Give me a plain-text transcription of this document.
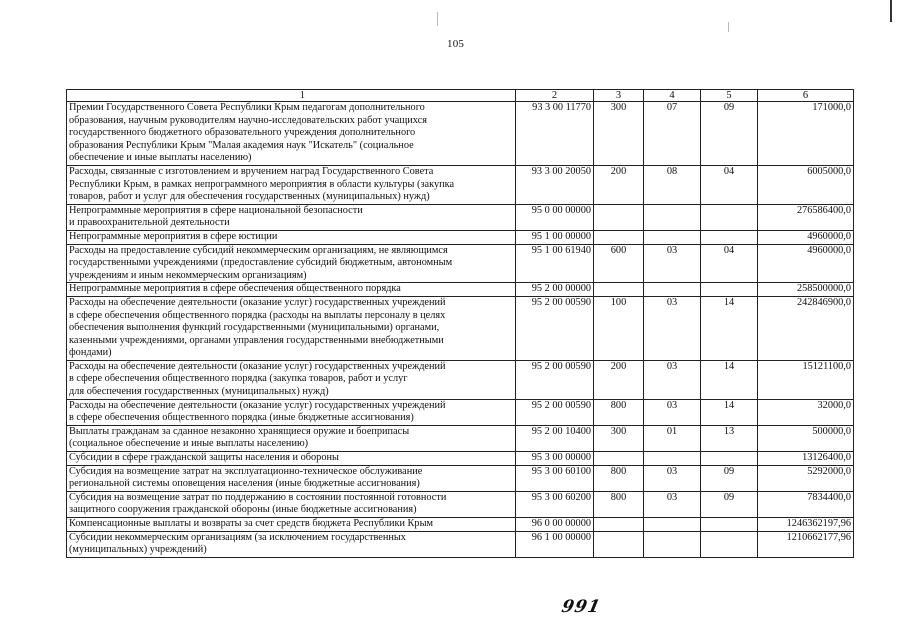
105
1	2	3	4	5	6
Премии Государственного Совета Республики Крым педагогам дополнительного
образования, научным руководителям научно-исследовательских работ учащихся
государственного бюджетного образовательного учреждения дополнительного
образования Республики Крым "Малая академия наук "Искатель" (социальное
обеспечение и иные выплаты населению)	93 3 00 11770	300	07	09	171000,0
Расходы, связанные с изготовлением и вручением наград Государственного Совета
Республики Крым, в рамках непрограммного мероприятия в области культуры (закупка
товаров, работ и услуг для обеспечения государственных (муниципальных) нужд)	93 3 00 20050	200	08	04	6005000,0
Непрограммные мероприятия в сфере национальной безопасности
и правоохранительной деятельности	95 0 00 00000				276586400,0
Непрограммные мероприятия в сфере юстиции	95 1 00 00000				4960000,0
Расходы на предоставление субсидий некоммерческим организациям, не являющимся
государственными учреждениями (предоставление субсидий бюджетным, автономным
учреждениям и иным некоммерческим организациям)	95 1 00 61940	600	03	04	4960000,0
Непрограммные мероприятия в сфере обеспечения общественного порядка	95 2 00 00000				258500000,0
Расходы на обеспечение деятельности (оказание услуг) государственных учреждений
в сфере обеспечения общественного порядка (расходы на выплаты персоналу в целях
обеспечения выполнения функций государственными (муниципальными) органами,
казенными учреждениями, органами управления государственными внебюджетными
фондами)	95 2 00 00590	100	03	14	242846900,0
Расходы на обеспечение деятельности (оказание услуг) государственных учреждений
в сфере обеспечения общественного порядка (закупка товаров, работ и услуг
для обеспечения государственных (муниципальных) нужд)	95 2 00 00590	200	03	14	15121100,0
Расходы на обеспечение деятельности (оказание услуг) государственных учреждений
в сфере обеспечения общественного порядка (иные бюджетные ассигнования)	95 2 00 00590	800	03	14	32000,0
Выплаты гражданам за сданное незаконно хранящиеся оружие и боеприпасы
(социальное обеспечение и иные выплаты населению)	95 2 00 10400	300	01	13	500000,0
Субсидии в сфере гражданской защиты населения и обороны	95 3 00 00000				13126400,0
Субсидия на возмещение затрат на эксплуатационно-техническое обслуживание
региональной системы оповещения населения (иные бюджетные ассигнования)	95 3 00 60100	800	03	09	5292000,0
Субсидия на возмещение затрат по поддержанию в состоянии постоянной готовности
защитного сооружения гражданской обороны (иные бюджетные ассигнования)	95 3 00 60200	800	03	09	7834400,0
Компенсационные выплаты и возвраты за счет средств бюджета Республики Крым	96 0 00 00000				1246362197,96
Субсидии некоммерческим организациям (за исключением государственных
(муниципальных) учреждений)	96 1 00 00000				1210662177,96
991
